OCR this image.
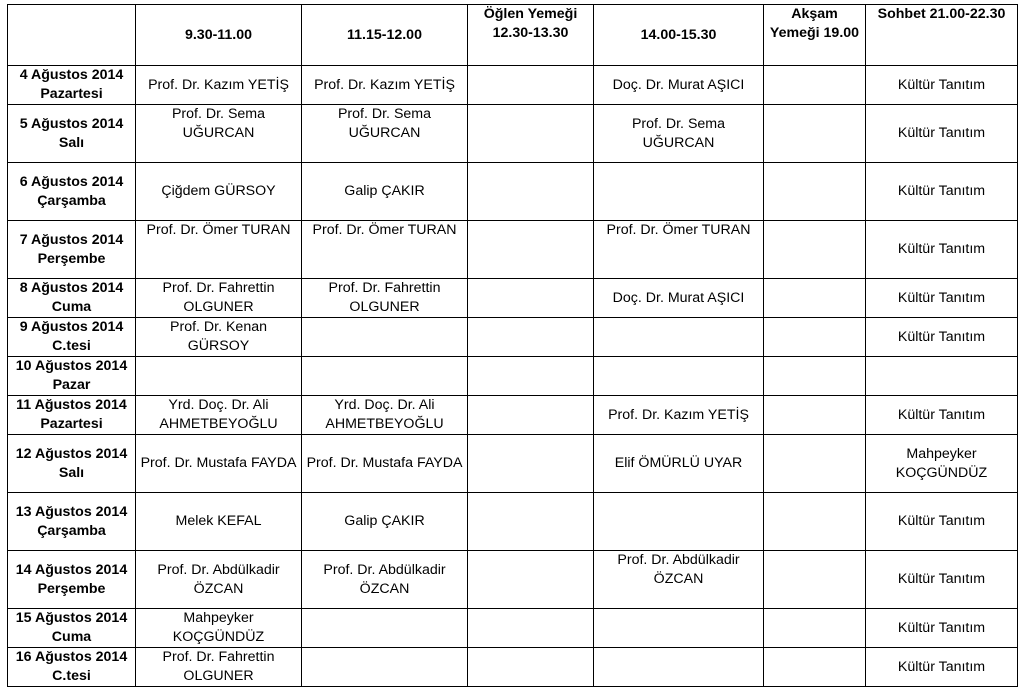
	9.30-11.00	11.15-12.00	Öğlen Yemeği 12.30-13.30	14.00-15.30	Akşam Yemeği 19.00	Sohbet 21.00-22.30
4 Ağustos 2014 Pazartesi	Prof. Dr. Kazım YETİŞ	Prof. Dr. Kazım YETİŞ		Doç. Dr. Murat AŞICI		Kültür Tanıtım
5 Ağustos 2014 Salı	Prof. Dr. Sema UĞURCAN	Prof. Dr. Sema UĞURCAN		Prof. Dr. Sema UĞURCAN		Kültür Tanıtım
6 Ağustos 2014 Çarşamba	Çiğdem GÜRSOY	Galip ÇAKIR				Kültür Tanıtım
7 Ağustos 2014 Perşembe	Prof. Dr. Ömer TURAN	Prof. Dr. Ömer TURAN		Prof. Dr. Ömer TURAN		Kültür Tanıtım
8 Ağustos 2014 Cuma	Prof. Dr. Fahrettin OLGUNER	Prof. Dr. Fahrettin OLGUNER		Doç. Dr. Murat AŞICI		Kültür Tanıtım
9 Ağustos 2014 C.tesi	Prof. Dr. Kenan GÜRSOY					Kültür Tanıtım
10 Ağustos 2014 Pazar						
11 Ağustos 2014 Pazartesi	Yrd. Doç. Dr. Ali AHMETBEYOĞLU	Yrd. Doç. Dr. Ali AHMETBEYOĞLU		Prof. Dr. Kazım YETİŞ		Kültür Tanıtım
12 Ağustos 2014 Salı	Prof. Dr. Mustafa FAYDA	Prof. Dr. Mustafa FAYDA		Elif ÖMÜRLÜ UYAR		Mahpeyker KOÇGÜNDÜZ
13 Ağustos 2014 Çarşamba	Melek KEFAL	Galip ÇAKIR				Kültür Tanıtım
14 Ağustos 2014 Perşembe	Prof. Dr. Abdülkadir ÖZCAN	Prof. Dr. Abdülkadir ÖZCAN		Prof. Dr. Abdülkadir ÖZCAN		Kültür Tanıtım
15 Ağustos 2014 Cuma	Mahpeyker KOÇGÜNDÜZ					Kültür Tanıtım
16 Ağustos 2014 C.tesi	Prof. Dr. Fahrettin OLGUNER					Kültür Tanıtım
